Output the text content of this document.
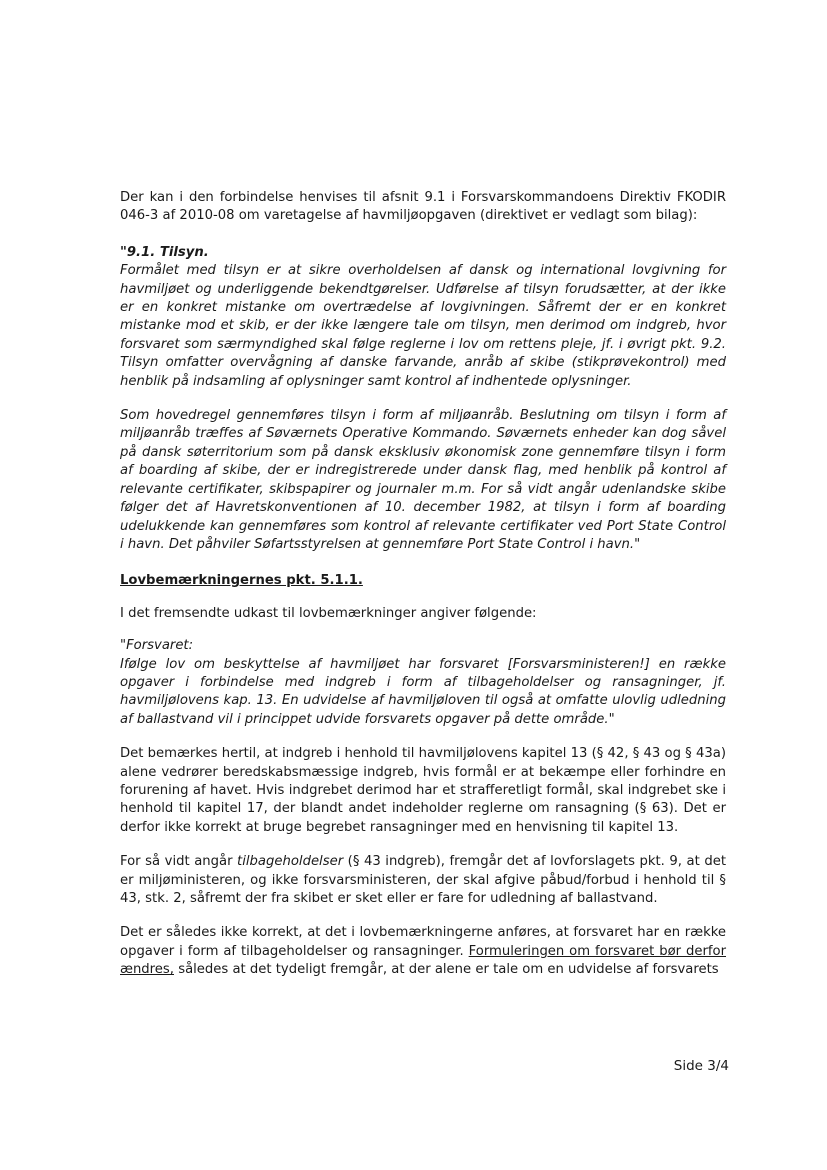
Der kan i den forbindelse henvises til afsnit 9.1 i Forsvarskommandoens Direktiv FKODIR 046-3 af 2010-08 om varetagelse af havmiljøopgaven (direktivet er vedlagt som bilag):

"9.1. Tilsyn.

Formålet med tilsyn er at sikre overholdelsen af dansk og international lovgivning for havmiljøet og underliggende bekendtgørelser. Udførelse af tilsyn forudsætter, at der ikke er en konkret mistanke om overtrædelse af lovgivningen. Såfremt der er en konkret mistanke mod et skib, er der ikke længere tale om tilsyn, men derimod om indgreb, hvor forsvaret som særmyndighed skal følge reglerne i lov om rettens pleje, jf. i øvrigt pkt. 9.2. Tilsyn omfatter overvågning af danske farvande, anråb af skibe (stikprøvekontrol) med henblik på indsamling af oplysninger samt kontrol af indhentede oplysninger.

Som hovedregel gennemføres tilsyn i form af miljøanråb. Beslutning om tilsyn i form af miljøanråb træffes af Søværnets Operative Kommando. Søværnets enheder kan dog såvel på dansk søterritorium som på dansk eksklusiv økonomisk zone gennemføre tilsyn i form af boarding af skibe, der er indregistrerede under dansk flag, med henblik på kontrol af relevante certifikater, skibspapirer og journaler m.m. For så vidt angår udenlandske skibe følger det af Havretskonventionen af 10. december 1982, at tilsyn i form af boarding udelukkende kan gennemføres som kontrol af relevante certifikater ved Port State Control i havn. Det påhviler Søfartsstyrelsen at gennemføre Port State Control i havn."

Lovbemærkningernes pkt. 5.1.1.

I det fremsendte udkast til lovbemærkninger angiver følgende:

"Forsvaret:

Ifølge lov om beskyttelse af havmiljøet har forsvaret [Forsvarsministeren!] en række opgaver i forbindelse med indgreb i form af tilbageholdelser og ransagninger, jf. havmiljølovens kap. 13. En udvidelse af havmiljøloven til også at omfatte ulovlig udledning af ballastvand vil i princippet udvide forsvarets opgaver på dette område."

Det bemærkes hertil, at indgreb i henhold til havmiljølovens kapitel 13 (§ 42, § 43 og § 43a) alene vedrører beredskabsmæssige indgreb, hvis formål er at bekæmpe eller forhindre en forurening af havet. Hvis indgrebet derimod har et strafferetligt formål, skal indgrebet ske i henhold til kapitel 17, der blandt andet indeholder reglerne om ransagning (§ 63). Det er derfor ikke korrekt at bruge begrebet ransagninger med en henvisning til kapitel 13.

For så vidt angår tilbageholdelser (§ 43 indgreb), fremgår det af lovforslagets pkt. 9, at det er miljøministeren, og ikke forsvarsministeren, der skal afgive påbud/forbud i henhold til § 43, stk. 2, såfremt der fra skibet er sket eller er fare for udledning af ballastvand.

Det er således ikke korrekt, at det i lovbemærkningerne anføres, at forsvaret har en række opgaver i form af tilbageholdelser og ransagninger. Formuleringen om forsvaret bør derfor ændres, således at det tydeligt fremgår, at der alene er tale om en udvidelse af forsvarets

Side 3/4
